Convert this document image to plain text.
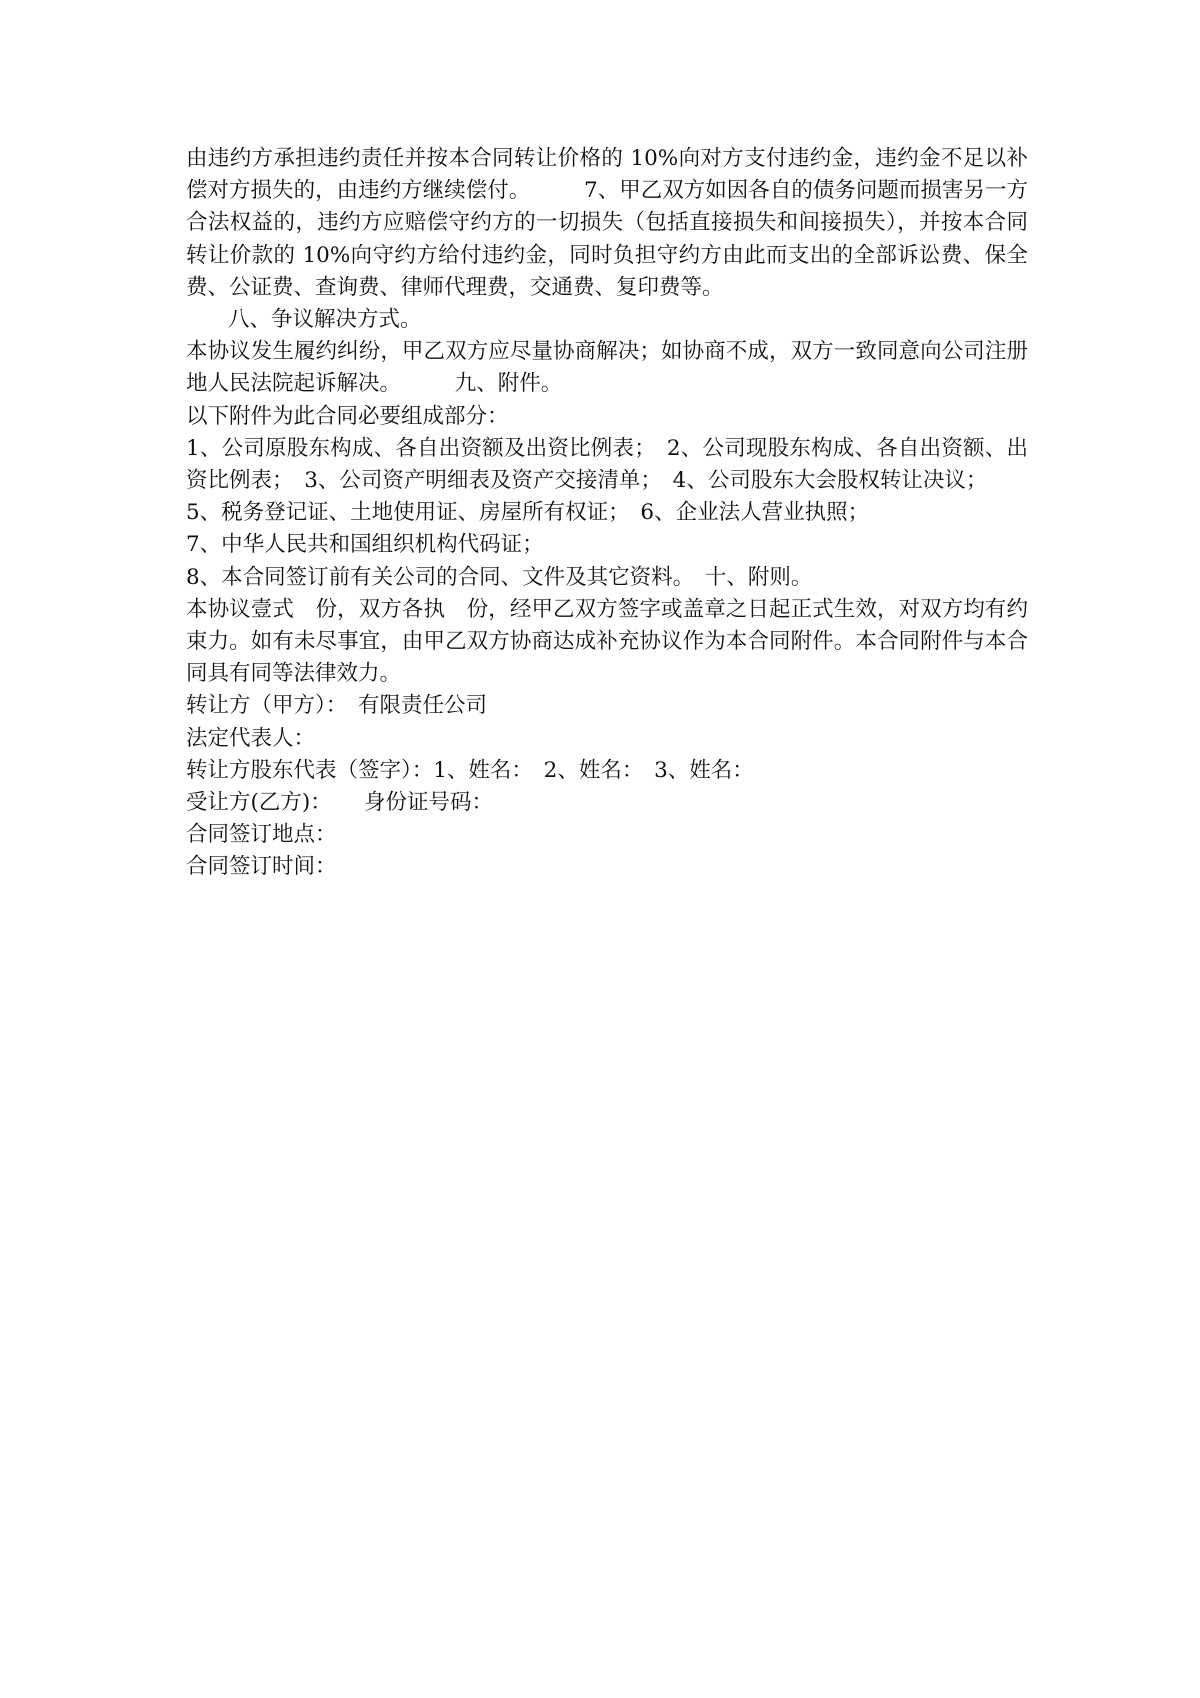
由违约方承担违约责任并按本合同转让价格的 10%向对方支付违约金，违约金不足以补偿对方损失的，由违约方继续偿付。　　　7、甲乙双方如因各自的债务问题而损害另一方合法权益的，违约方应赔偿守约方的一切损失（包括直接损失和间接损失），并按本合同转让价款的 10%向守约方给付违约金，同时负担守约方由此而支出的全部诉讼费、保全费、公证费、查询费、律师代理费，交通费、复印费等。

八、争议解决方式。

本协议发生履约纠纷，甲乙双方应尽量协商解决；如协商不成，双方一致同意向公司注册地人民法院起诉解决。　　　九、附件。

以下附件为此合同必要组成部分：

1、公司原股东构成、各自出资额及出资比例表；　2、公司现股东构成、各自出资额、出资比例表；　3、公司资产明细表及资产交接清单；　4、公司股东大会股权转让决议；

5、税务登记证、土地使用证、房屋所有权证；　6、企业法人营业执照；

7、中华人民共和国组织机构代码证；

8、本合同签订前有关公司的合同、文件及其它资料。　十、附则。

本协议壹式　份，双方各执　份，经甲乙双方签字或盖章之日起正式生效，对双方均有约束力。如有未尽事宜，由甲乙双方协商达成补充协议作为本合同附件。本合同附件与本合同具有同等法律效力。

转让方（甲方）：　有限责任公司

法定代表人：

转让方股东代表（签字）：1、姓名：　2、姓名：　3、姓名：

受让方(乙方)：　　身份证号码：

合同签订地点：

合同签订时间：
